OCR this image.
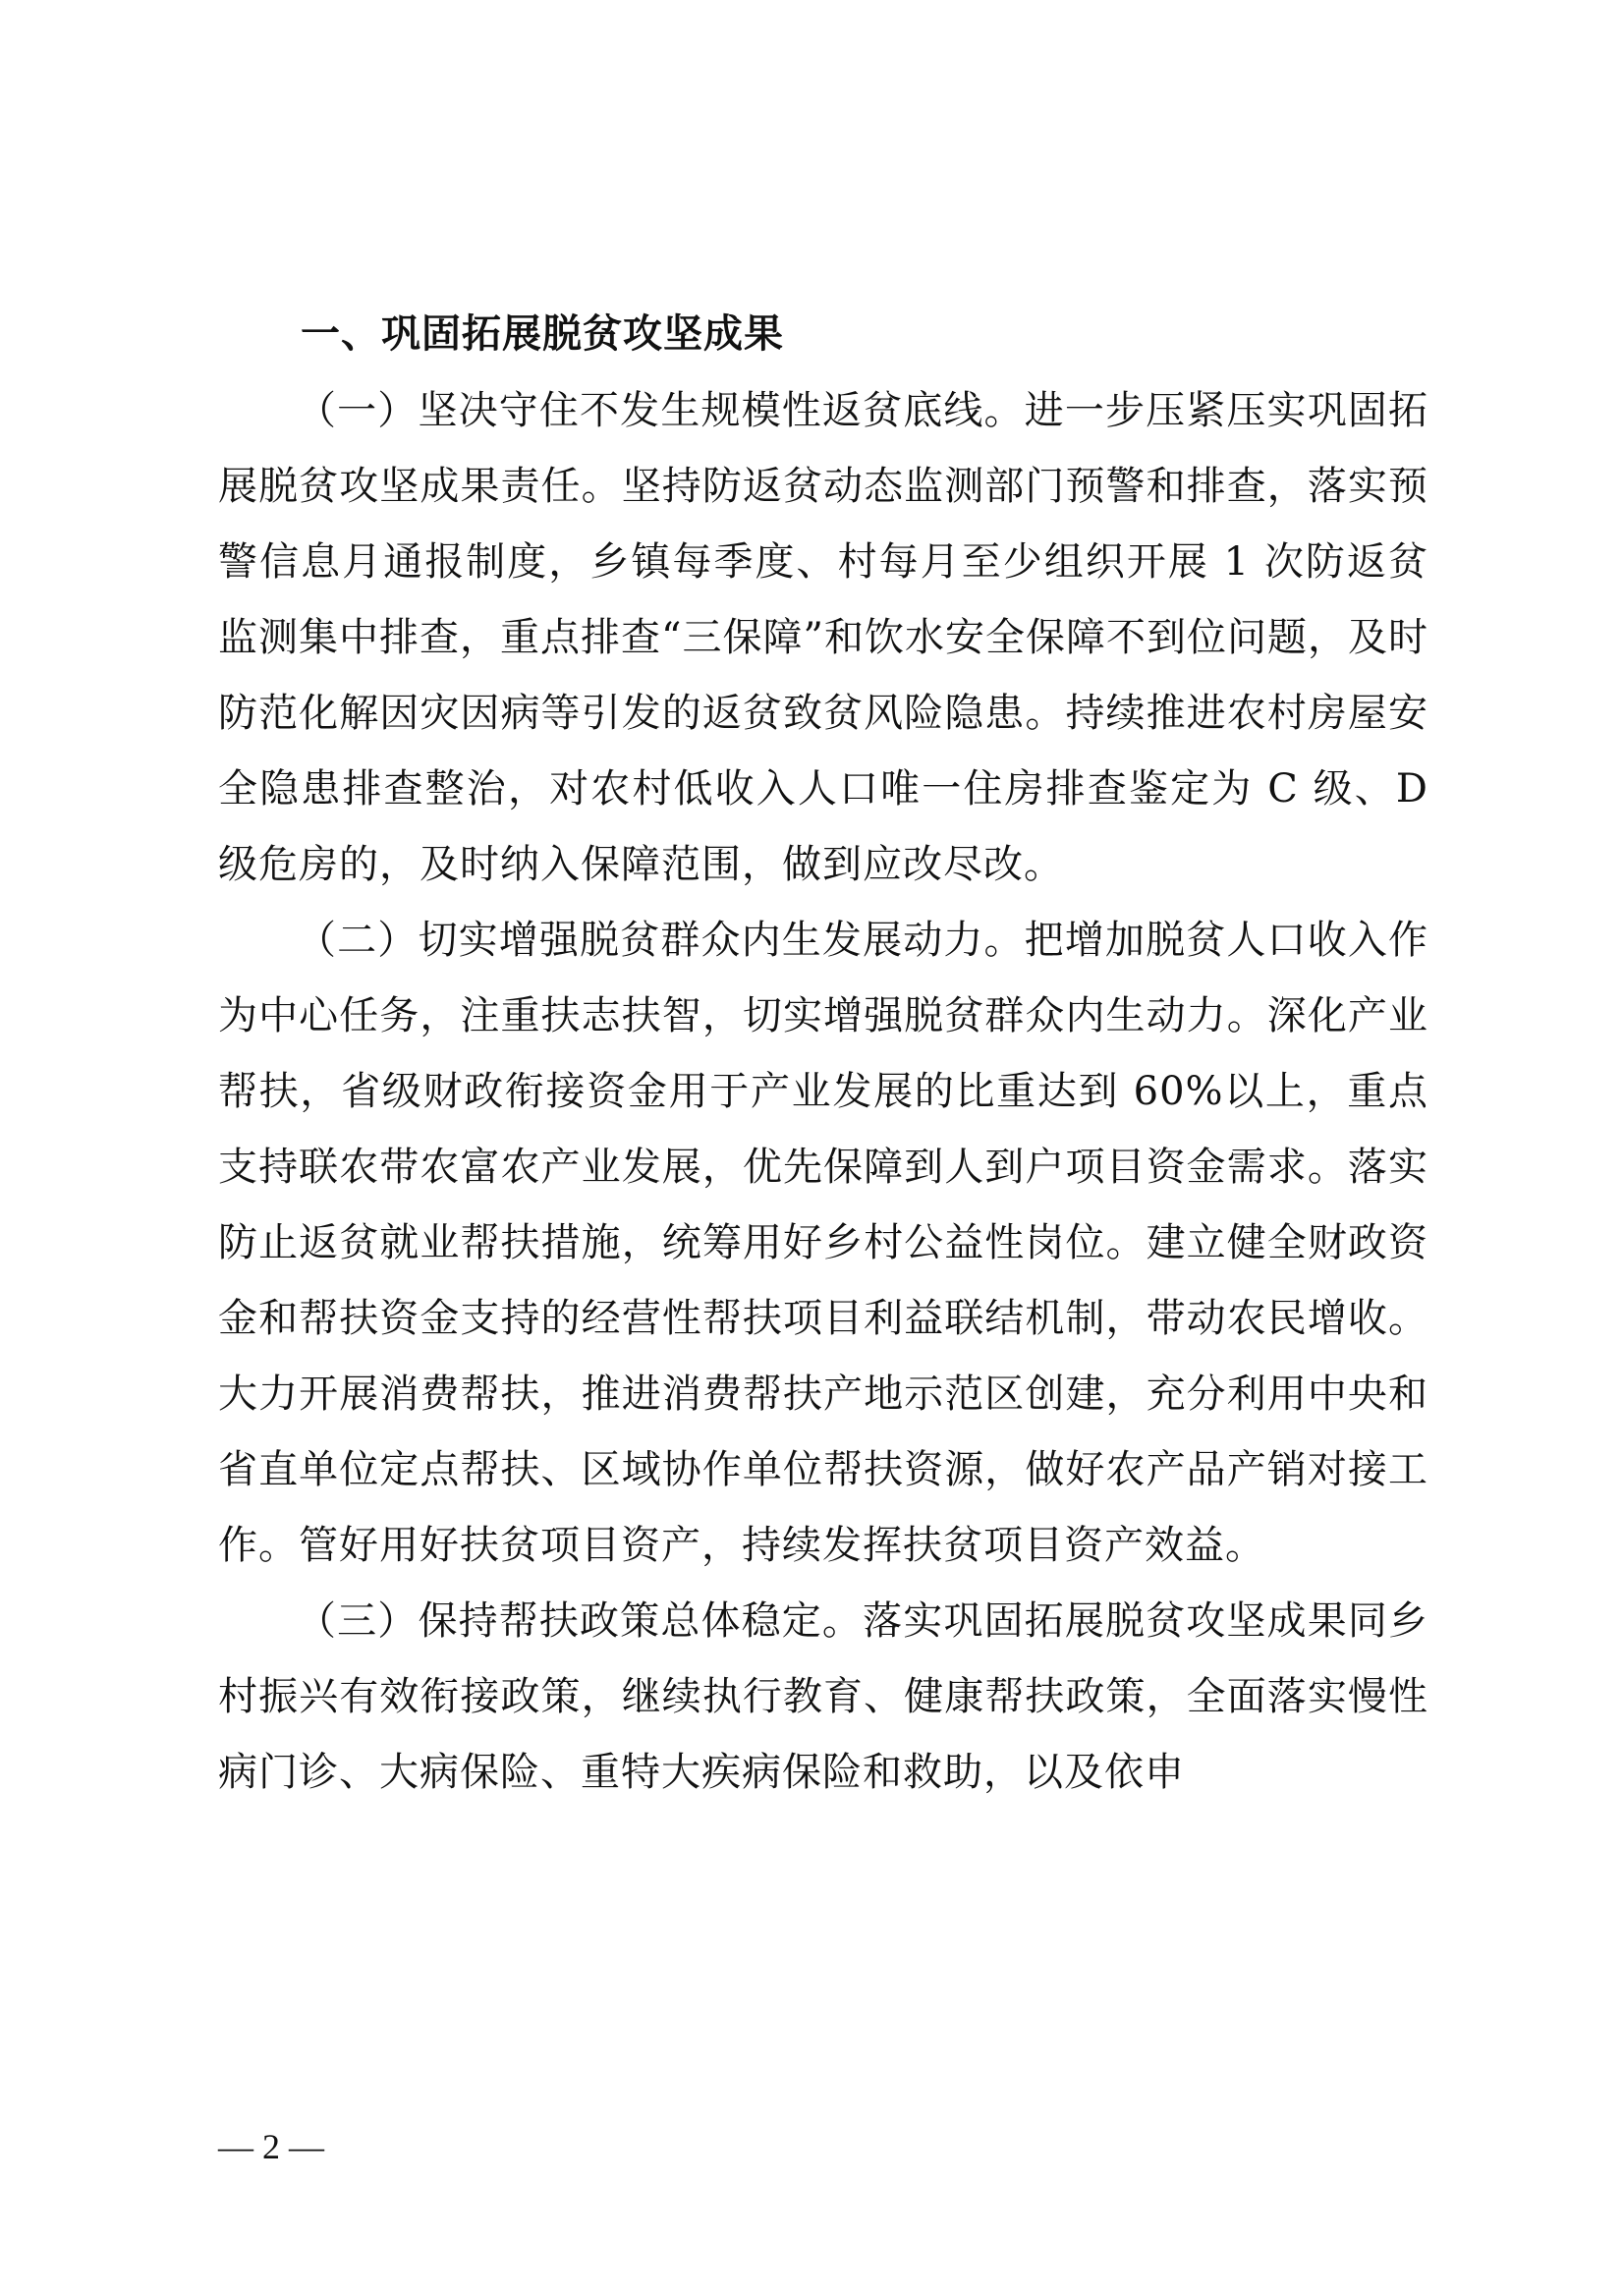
一、巩固拓展脱贫攻坚成果

（一）坚决守住不发生规模性返贫底线。进一步压紧压实巩固拓展脱贫攻坚成果责任。坚持防返贫动态监测部门预警和排查，落实预警信息月通报制度，乡镇每季度、村每月至少组织开展 1 次防返贫监测集中排查，重点排查“三保障”和饮水安全保障不到位问题，及时防范化解因灾因病等引发的返贫致贫风险隐患。持续推进农村房屋安全隐患排查整治，对农村低收入人口唯一住房排查鉴定为 C 级、D 级危房的，及时纳入保障范围，做到应改尽改。

（二）切实增强脱贫群众内生发展动力。把增加脱贫人口收入作为中心任务，注重扶志扶智，切实增强脱贫群众内生动力。深化产业帮扶，省级财政衔接资金用于产业发展的比重达到 60%以上，重点支持联农带农富农产业发展，优先保障到人到户项目资金需求。落实防止返贫就业帮扶措施，统筹用好乡村公益性岗位。建立健全财政资金和帮扶资金支持的经营性帮扶项目利益联结机制，带动农民增收。大力开展消费帮扶，推进消费帮扶产地示范区创建，充分利用中央和省直单位定点帮扶、区域协作单位帮扶资源，做好农产品产销对接工作。管好用好扶贫项目资产，持续发挥扶贫项目资产效益。

（三）保持帮扶政策总体稳定。落实巩固拓展脱贫攻坚成果同乡村振兴有效衔接政策，继续执行教育、健康帮扶政策，全面落实慢性病门诊、大病保险、重特大疾病保险和救助，以及依申

— 2 —
